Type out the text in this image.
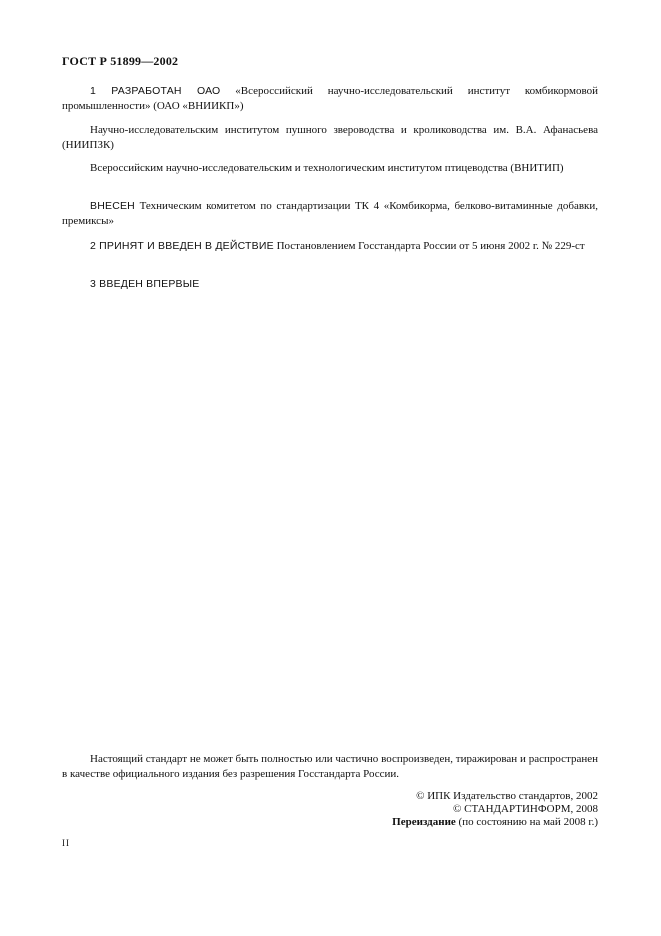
ГОСТ Р 51899—2002

1 РАЗРАБОТАН ОАО «Всероссийский научно-исследовательский институт комбикормовой промышленности» (ОАО «ВНИИКП»)

Научно-исследовательским институтом пушного звероводства и кролиководства им. В.А. Афанасьева (НИИПЗК)

Всероссийским научно-исследовательским и технологическим институтом птицеводства (ВНИТИП)

ВНЕСЕН Техническим комитетом по стандартизации ТК 4 «Комбикорма, белково-витаминные добавки, премиксы»

2 ПРИНЯТ И ВВЕДЕН В ДЕЙСТВИЕ Постановлением Госстандарта России от 5 июня 2002 г. № 229-ст

3 ВВЕДЕН ВПЕРВЫЕ

Настоящий стандарт не может быть полностью или частично воспроизведен, тиражирован и распространен в качестве официального издания без разрешения Госстандарта России.

© ИПК Издательство стандартов, 2002
© СТАНДАРТИНФОРМ, 2008
Переиздание (по состоянию на май 2008 г.)
II
